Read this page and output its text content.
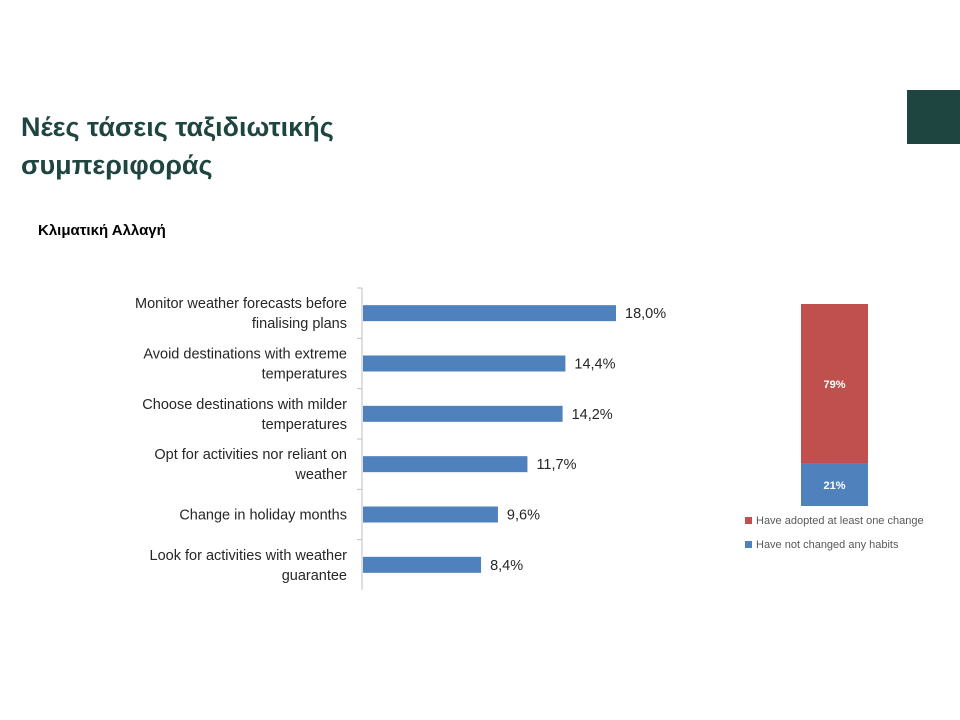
Νέες τάσεις ταξιδιωτικής
συμπεριφοράς
Κλιματική Αλλαγή
Monitor weather forecasts before finalising plans
18,0%
Avoid destinations with extreme temperatures
14,4%
Choose destinations with milder temperatures
14,2%
Opt for activities nor reliant on weather
11,7%
Change in holiday months	9,6%
Look for activities with weather guarantee
8,4%
21%
79%
Have adopted at least one change
Have not changed any habits
